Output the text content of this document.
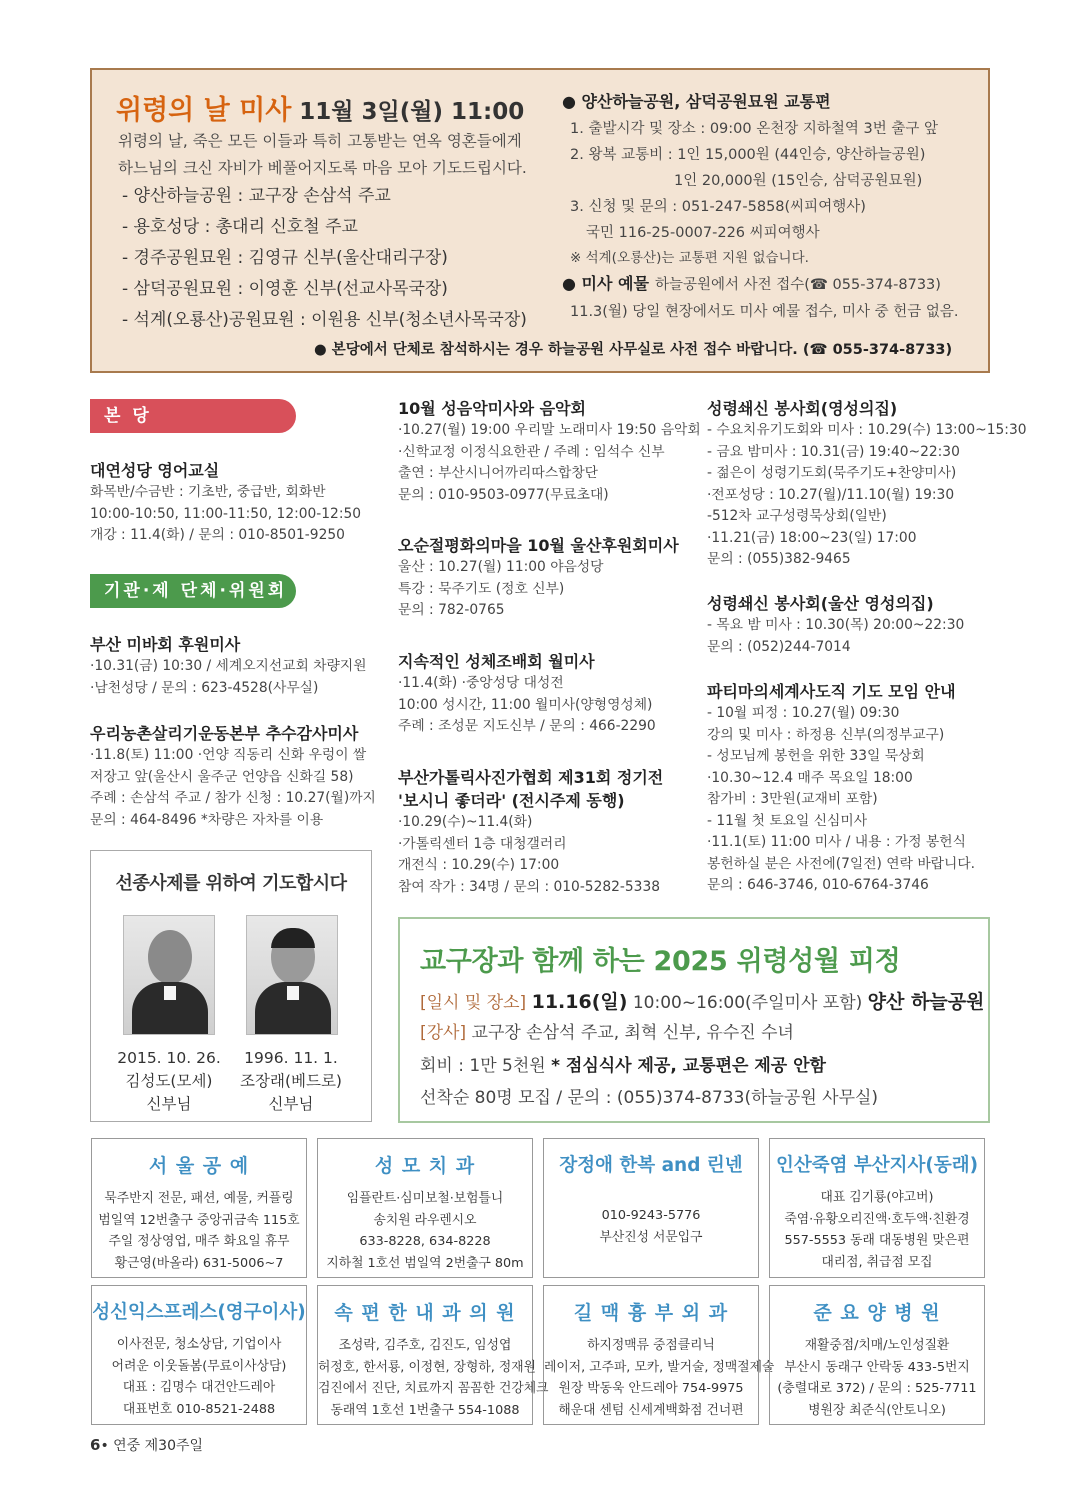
위령의 날 미사 11월 3일(월) 11:00
위령의 날, 죽은 모든 이들과 특히 고통받는 연옥 영혼들에게
하느님의 크신 자비가 베풀어지도록 마음 모아 기도드립시다.
- 양산하늘공원 : 교구장 손삼석 주교
- 용호성당 : 총대리 신호철 주교
- 경주공원묘원 : 김영규 신부(울산대리구장)
- 삼덕공원묘원 : 이영훈 신부(선교사목국장)
- 석계(오룡산)공원묘원 : 이원용 신부(청소년사목국장)
● 양산하늘공원, 삼덕공원묘원 교통편
1. 출발시각 및 장소 : 09:00 온천장 지하철역 3번 출구 앞
2. 왕복 교통비 : 1인 15,000원 (44인승, 양산하늘공원)
1인 20,000원 (15인승, 삼덕공원묘원)
3. 신청 및 문의 : 051-247-5858(씨피여행사)
국민 116-25-0007-226 씨피여행사
※ 석계(오룡산)는 교통편 지원 없습니다.
● 미사 예물 하늘공원에서 사전 접수(☎ 055-374-8733)
11.3(월) 당일 현장에서도 미사 예물 접수, 미사 중 헌금 없음.
● 본당에서 단체로 참석하시는 경우 하늘공원 사무실로 사전 접수 바랍니다. (☎ 055-374-8733)
본 당
대연성당 영어교실
화목반/수금반 : 기초반, 중급반, 회화반
10:00-10:50, 11:00-11:50, 12:00-12:50
개강 : 11.4(화) / 문의 : 010-8501-9250
기관·제 단체·위원회
부산 미바회 후원미사
·10.31(금) 10:30 / 세계오지선교회 차량지원
·남천성당 / 문의 : 623-4528(사무실)
우리농촌살리기운동본부 추수감사미사
·11.8(토) 11:00 ·언양 직동리 신화 우렁이 쌀
저장고 앞(울산시 울주군 언양읍 신화길 58)
주례 : 손삼석 주교 / 참가 신청 : 10.27(월)까지
문의 : 464-8496 *차량은 자차를 이용
10월 성음악미사와 음악회
·10.27(월) 19:00 우리말 노래미사 19:50 음악회
·신학교정 이정식요한관 / 주례 : 임석수 신부
출연 : 부산시니어까리따스합창단
문의 : 010-9503-0977(무료초대)
오순절평화의마을 10월 울산후원회미사
울산 : 10.27(월) 11:00 야음성당
특강 : 묵주기도 (정호 신부)
문의 : 782-0765
지속적인 성체조배회 월미사
·11.4(화) ·중앙성당 대성전
10:00 성시간, 11:00 월미사(양형영성체)
주례 : 조성문 지도신부 / 문의 : 466-2290
부산가톨릭사진가협회 제31회 정기전
'보시니 좋더라' (전시주제 동행)
·10.29(수)~11.4(화)
·가톨릭센터 1층 대청갤러리
개전식 : 10.29(수) 17:00
참여 작가 : 34명 / 문의 : 010-5282-5338
성령쇄신 봉사회(영성의집)
- 수요치유기도회와 미사 : 10.29(수) 13:00~15:30
- 금요 밤미사 : 10.31(금) 19:40~22:30
- 젊은이 성령기도회(묵주기도+찬양미사)
·전포성당 : 10.27(월)/11.10(월) 19:30
-512차 교구성령묵상회(일반)
·11.21(금) 18:00~23(일) 17:00
문의 : (055)382-9465
성령쇄신 봉사회(울산 영성의집)
- 목요 밤 미사 : 10.30(목) 20:00~22:30
문의 : (052)244-7014
파티마의세계사도직 기도 모임 안내
- 10월 피정 : 10.27(월) 09:30
강의 및 미사 : 하정용 신부(의정부교구)
- 성모님께 봉헌을 위한 33일 묵상회
·10.30~12.4 매주 목요일 18:00
참가비 : 3만원(교재비 포함)
- 11월 첫 토요일 신심미사
·11.1(토) 11:00 미사 / 내용 : 가정 봉헌식
봉헌하실 분은 사전에(7일전) 연락 바랍니다.
문의 : 646-3746, 010-6764-3746
선종사제를 위하여 기도합시다
2015. 10. 26.
김성도(모세)
신부님
1996. 11. 1.
조장래(베드로)
신부님
교구장과 함께 하는 2025 위령성월 피정
[일시 및 장소] 11.16(일) 10:00~16:00(주일미사 포함) 양산 하늘공원
[강사] 교구장 손삼석 주교, 최혁 신부, 유수진 수녀
회비 : 1만 5천원 * 점심식사 제공, 교통편은 제공 안함
선착순 80명 모집 / 문의 : (055)374-8733(하늘공원 사무실)
서 울 공 예
묵주반지 전문, 패션, 예물, 커플링
범일역 12번출구 중앙귀금속 115호
주일 정상영업, 매주 화요일 휴무
황근영(바올라) 631-5006~7
성 모 치 과
임플란트·심미보철·보험틀니
송치원 라우렌시오
633-8228, 634-8228
지하철 1호선 범일역 2번출구 80m
장정애 한복 and 린넨
010-9243-5776
부산진성 서문입구
인산죽염 부산지사(동래)
대표 김기룡(야고버)
죽염·유황오리진액·호두액·친환경
557-5553 동래 대동병원 맞은편
대리점, 취급점 모집
성신익스프레스(영구이사)
이사전문, 청소상담, 기업이사
어려운 이웃돌봄(무료이사상담)
대표 : 김명수 대건안드레아
대표번호 010-8521-2488
속 편 한 내 과 의 원
조성락, 김주호, 김진도, 임성엽
허정호, 한서룡, 이정현, 장형하, 정재원
검진에서 진단, 치료까지 꼼꼼한 건강체크
동래역 1호선 1번출구 554-1088
길 맥 흉 부 외 과
하지정맥류 중점클리닉
레이저, 고주파, 모카, 발거술, 정맥절제술
원장 박동욱 안드레아 754-9975
해운대 센텀 신세계백화점 건너편
준 요 양 병 원
재활중점/치매/노인성질환
부산시 동래구 안락동 433-5번지
(충렬대로 372) / 문의 : 525-7711
병원장 최준식(안토니오)
6• 연중 제30주일
